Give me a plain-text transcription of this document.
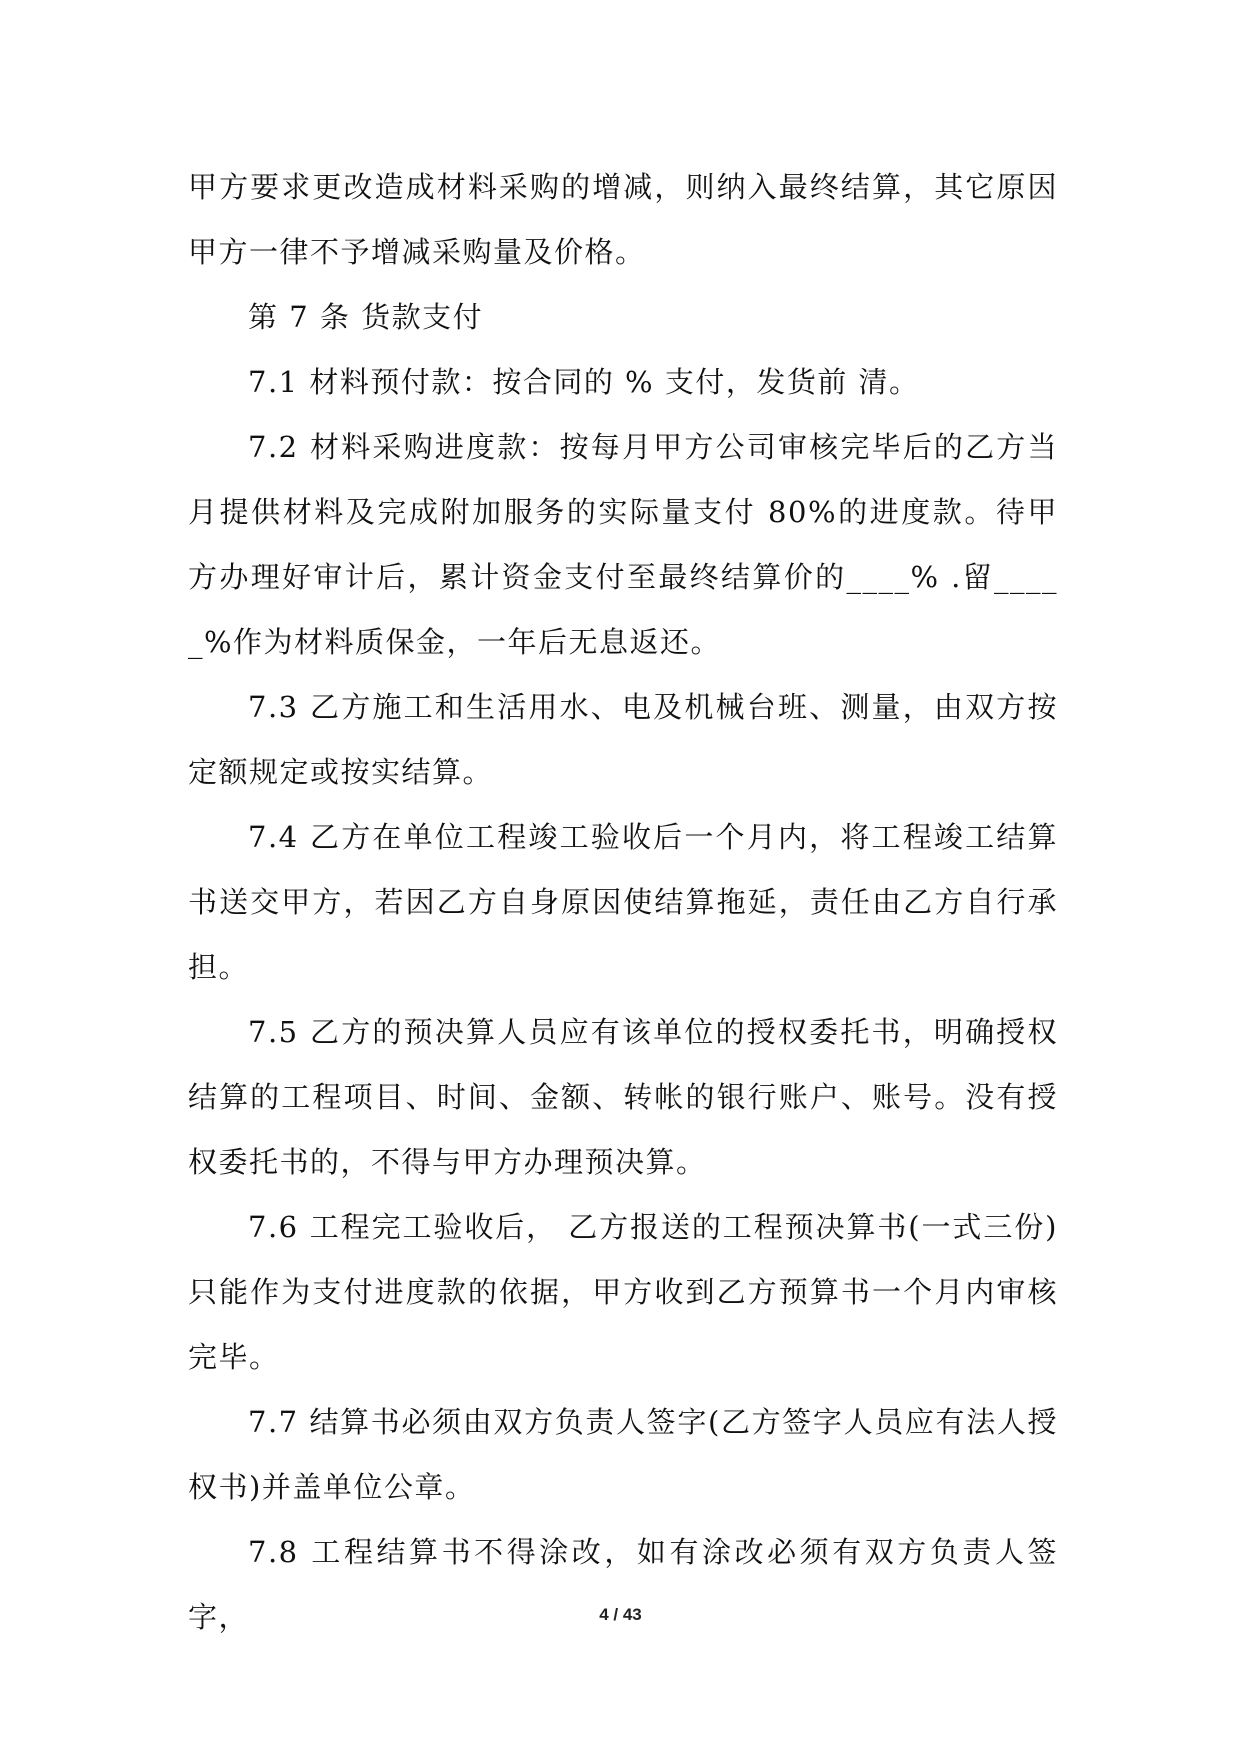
甲方要求更改造成材料采购的增减，则纳入最终结算，其它原因甲方一律不予增减采购量及价格。

第 7 条 货款支付

7.1 材料预付款：按合同的 % 支付，发货前 清。

7.2 材料采购进度款：按每月甲方公司审核完毕后的乙方当月提供材料及完成附加服务的实际量支付 80%的进度款。待甲方办理好审计后，累计资金支付至最终结算价的____% .留_____%作为材料质保金，一年后无息返还。

7.3 乙方施工和生活用水、电及机械台班、测量，由双方按定额规定或按实结算。

7.4 乙方在单位工程竣工验收后一个月内，将工程竣工结算书送交甲方，若因乙方自身原因使结算拖延，责任由乙方自行承担。

7.5 乙方的预决算人员应有该单位的授权委托书，明确授权结算的工程项目、时间、金额、转帐的银行账户、账号。没有授权委托书的，不得与甲方办理预决算。

7.6 工程完工验收后， 乙方报送的工程预决算书(一式三份)只能作为支付进度款的依据，甲方收到乙方预算书一个月内审核完毕。

7.7 结算书必须由双方负责人签字(乙方签字人员应有法人授权书)并盖单位公章。

7.8 工程结算书不得涂改，如有涂改必须有双方负责人签字，	4 / 43
